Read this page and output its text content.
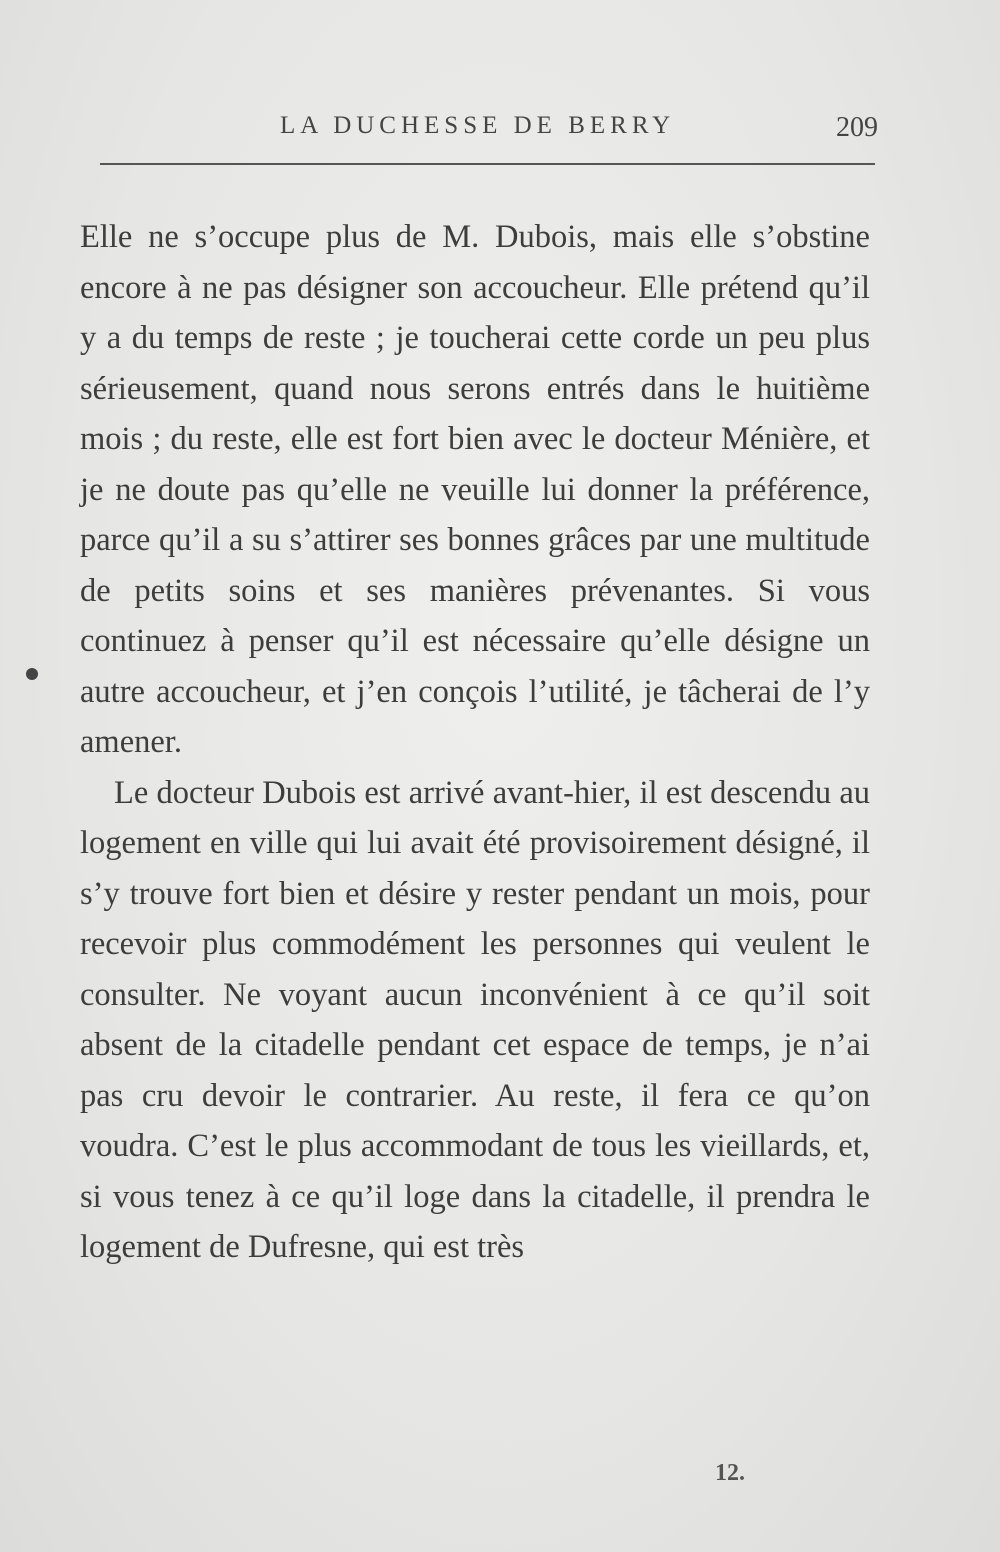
LA DUCHESSE DE BERRY	209

Elle ne s’occupe plus de M. Dubois, mais elle s’obstine encore à ne pas désigner son accoucheur. Elle prétend qu’il y a du temps de reste ; je toucherai cette corde un peu plus sérieusement, quand nous serons entrés dans le huitième mois ; du reste, elle est fort bien avec le docteur Ménière, et je ne doute pas qu’elle ne veuille lui donner la préférence, parce qu’il a su s’attirer ses bonnes grâces par une multitude de petits soins et ses manières prévenantes. Si vous continuez à penser qu’il est nécessaire qu’elle désigne un autre accoucheur, et j’en conçois l’utilité, je tâcherai de l’y amener.

Le docteur Dubois est arrivé avant-hier, il est descendu au logement en ville qui lui avait été provisoirement désigné, il s’y trouve fort bien et désire y rester pendant un mois, pour recevoir plus commodément les personnes qui veulent le consulter. Ne voyant aucun inconvénient à ce qu’il soit absent de la citadelle pendant cet espace de temps, je n’ai pas cru devoir le contrarier. Au reste, il fera ce qu’on voudra. C’est le plus accommodant de tous les vieillards, et, si vous tenez à ce qu’il loge dans la citadelle, il prendra le logement de Dufresne, qui est très

12.
